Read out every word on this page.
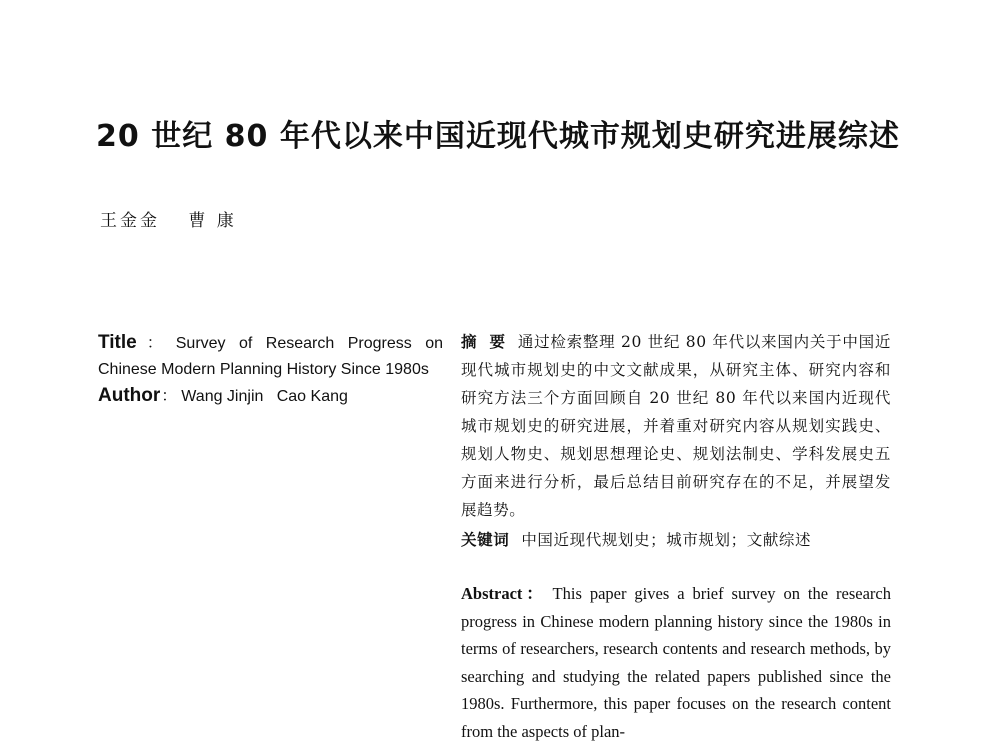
20 世纪 80 年代以来中国近现代城市规划史研究进展综述
王金金 曹 康
Title： Survey of Research Progress on Chinese Modern Planning History Since 1980s
Author： Wang Jinjin   Cao Kang
摘  要 通过检索整理 20 世纪 80 年代以来国内关于中国近现代城市规划史的中文文献成果，从研究主体、研究内容和研究方法三个方面回顾自 20 世纪 80 年代以来国内近现代城市规划史的研究进展，并着重对研究内容从规划实践史、规划人物史、规划思想理论史、规划法制史、学科发展史五方面来进行分析，最后总结目前研究存在的不足，并展望发展趋势。
关键词 中国近现代规划史；城市规划；文献综述
Abstract： This paper gives a brief survey on the research progress in Chinese modern planning history since the 1980s in terms of researchers, research contents and research methods, by searching and studying the related papers published since the 1980s. Furthermore, this paper focuses on the research content from the aspects of plan-
